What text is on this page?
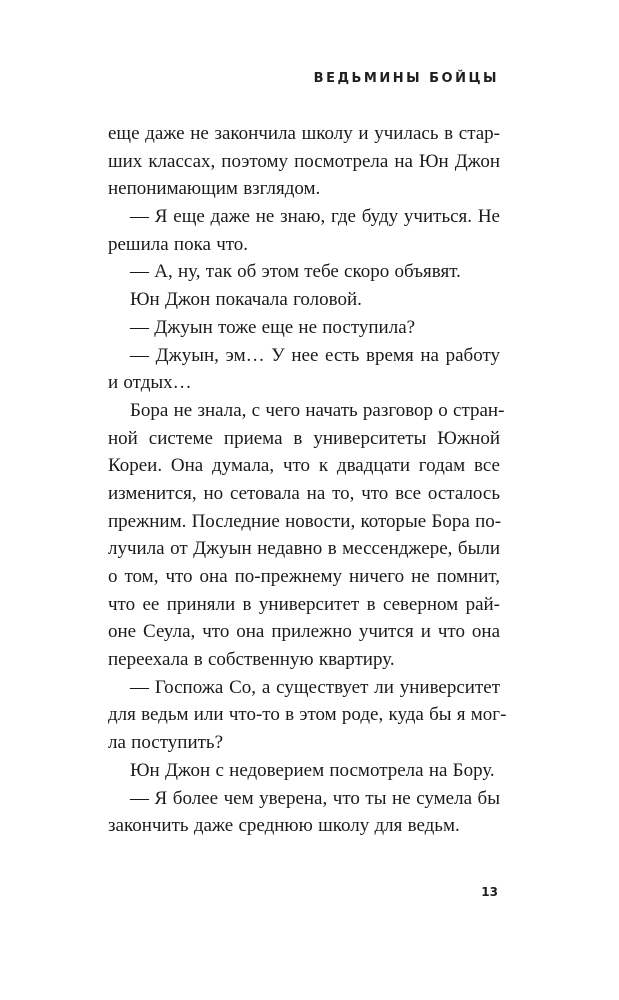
ВЕДЬМИНЫ БОЙЦЫ
еще даже не закончила школу и училась в стар-
ших классах, поэтому посмотрела на Юн Джон
непонимающим взглядом.
— Я еще даже не знаю, где буду учиться. Не
решила пока что.
— А, ну, так об этом тебе скоро объявят.
Юн Джон покачала головой.
— Джуын тоже еще не поступила?
— Джуын, эм… У нее есть время на работу
и отдых…
Бора не знала, с чего начать разговор о стран-
ной системе приема в университеты Южной
Кореи. Она думала, что к двадцати годам все
изменится, но сетовала на то, что все осталось
прежним. Последние новости, которые Бора по-
лучила от Джуын недавно в мессенджере, были
о том, что она по-прежнему ничего не помнит,
что ее приняли в университет в северном рай-
оне Сеула, что она прилежно учится и что она
переехала в собственную квартиру.
— Госпожа Со, а существует ли университет
для ведьм или что-то в этом роде, куда бы я мог-
ла поступить?
Юн Джон с недоверием посмотрела на Бору.
— Я более чем уверена, что ты не сумела бы
закончить даже среднюю школу для ведьм.
13
